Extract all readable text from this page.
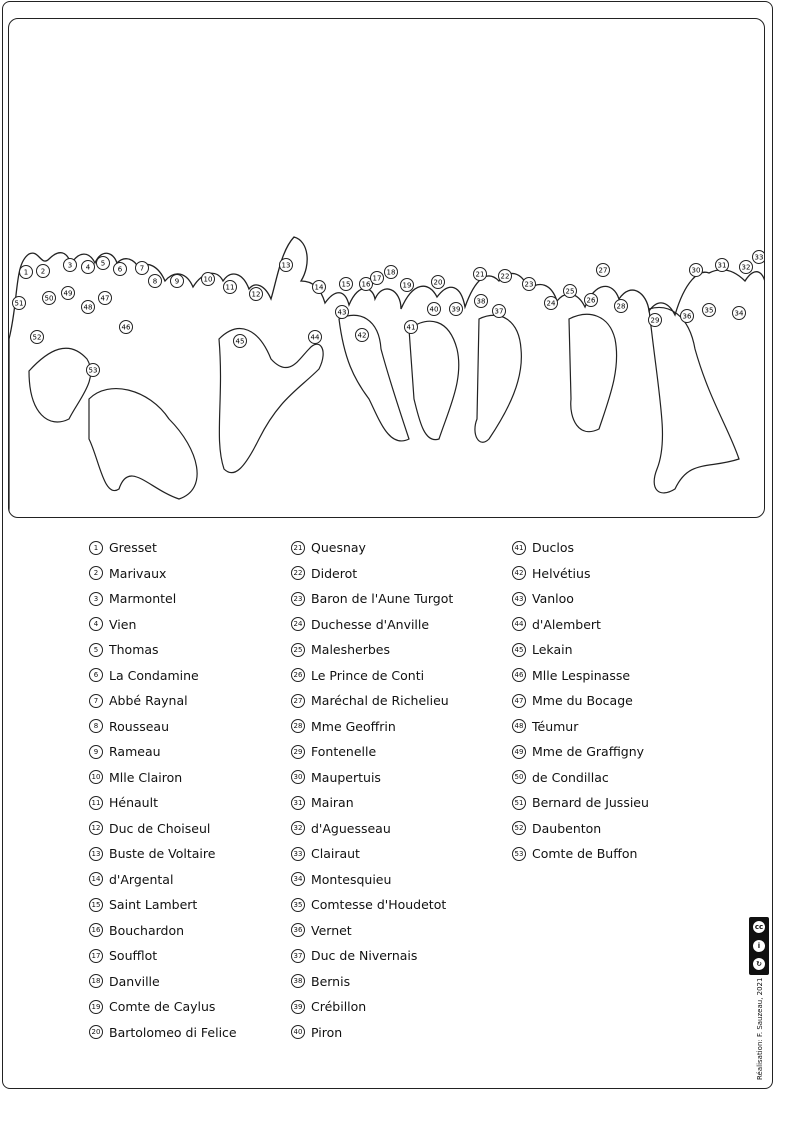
1 2
3 4 5
6	7
8	9	10
11
12
13
14	15 16
17
18
19	20
21 22
23
24
25
26
27
28
29
30
31 32
33
34
35
36
37
38
39
40
41
42
43
44
45
46
47
48
49
50
51
52
53
1 Gresset
2 Marivaux
3 Marmontel
4 Vien
5 Thomas
6 La Condamine
7 Abbé Raynal
8 Rousseau
9 Rameau
10 Mlle Clairon
11 Hénault
12 Duc de Choiseul
13 Buste de Voltaire
14 d'Argental
15 Saint Lambert
16 Bouchardon
17 Soufflot
18 Danville
19 Comte de Caylus
20 Bartolomeo di Felice
21 Quesnay
22 Diderot
23 Baron de l'Aune Turgot
24 Duchesse d'Anville
25 Malesherbes
26 Le Prince de Conti
27 Maréchal de Richelieu
28 Mme Geoffrin
29 Fontenelle
30 Maupertuis
31 Mairan
32 d'Aguesseau
33 Clairaut
34 Montesquieu
35 Comtesse d'Houdetot
36 Vernet
37 Duc de Nivernais
38 Bernis
39 Crébillon
40 Piron
41 Duclos
42 Helvétius
43 Vanloo
44 d'Alembert
45 Lekain
46 Mlle Lespinasse
47 Mme du Bocage
48 Téumur
49 Mme de Graffigny
50 de Condillac
51 Bernard de Jussieu
52 Daubenton
53 Comte de Buffon
cc
i
↻
Réalisation: F. Sauzeau, 2021
